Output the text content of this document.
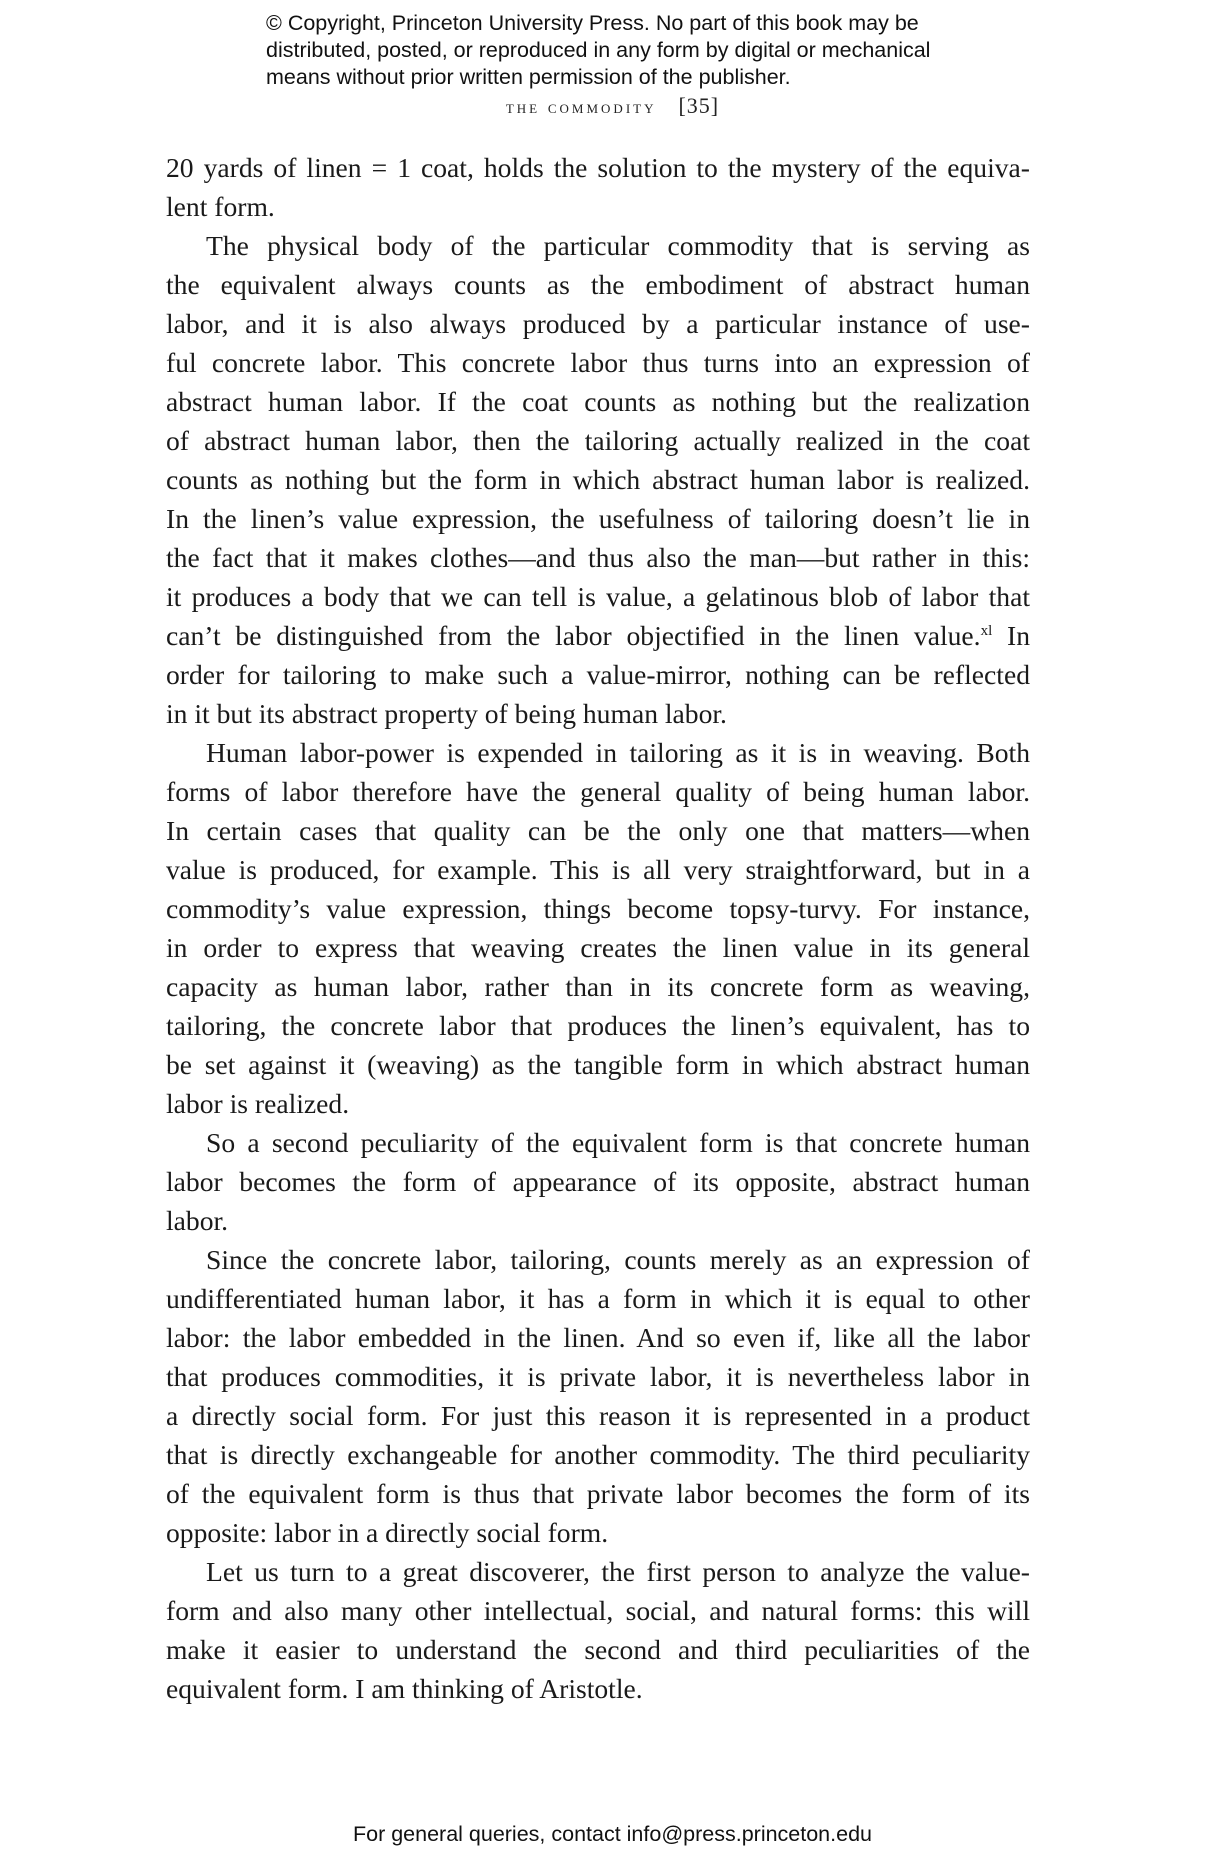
© Copyright, Princeton University Press. No part of this book may be
distributed, posted, or reproduced in any form by digital or mechanical
means without prior written permission of the publisher.
the commodity [35]
20 yards of linen = 1 coat, holds the solution to the mystery of the equiva-
lent form.
The physical body of the particular commodity that is serving as
the equivalent always counts as the embodiment of abstract human
labor, and it is also always produced by a particular instance of use-
ful concrete labor. This concrete labor thus turns into an expression of
abstract human labor. If the coat counts as nothing but the realization
of abstract human labor, then the tailoring actually realized in the coat
counts as nothing but the form in which abstract human labor is realized.
In the linen’s value expression, the usefulness of tailoring doesn’t lie in
the fact that it makes clothes—and thus also the man—but rather in this:
it produces a body that we can tell is value, a gelatinous blob of labor that
can’t be distinguished from the labor objectified in the linen value.$^{xl}$ In
order for tailoring to make such a value-mirror, nothing can be reflected
in it but its abstract property of being human labor.
Human labor-power is expended in tailoring as it is in weaving. Both
forms of labor therefore have the general quality of being human labor.
In certain cases that quality can be the only one that matters—when
value is produced, for example. This is all very straightforward, but in a
commodity’s value expression, things become topsy-turvy. For instance,
in order to express that weaving creates the linen value in its general
capacity as human labor, rather than in its concrete form as weaving,
tailoring, the concrete labor that produces the linen’s equivalent, has to
be set against it (weaving) as the tangible form in which abstract human
labor is realized.
So a second peculiarity of the equivalent form is that concrete human
labor becomes the form of appearance of its opposite, abstract human
labor.
Since the concrete labor, tailoring, counts merely as an expression of
undifferentiated human labor, it has a form in which it is equal to other
labor: the labor embedded in the linen. And so even if, like all the labor
that produces commodities, it is private labor, it is nevertheless labor in
a directly social form. For just this reason it is represented in a product
that is directly exchangeable for another commodity. The third peculiarity
of the equivalent form is thus that private labor becomes the form of its
opposite: labor in a directly social form.
Let us turn to a great discoverer, the first person to analyze the value-
form and also many other intellectual, social, and natural forms: this will
make it easier to understand the second and third peculiarities of the
equivalent form. I am thinking of Aristotle.
For general queries, contact info@press.princeton.edu
